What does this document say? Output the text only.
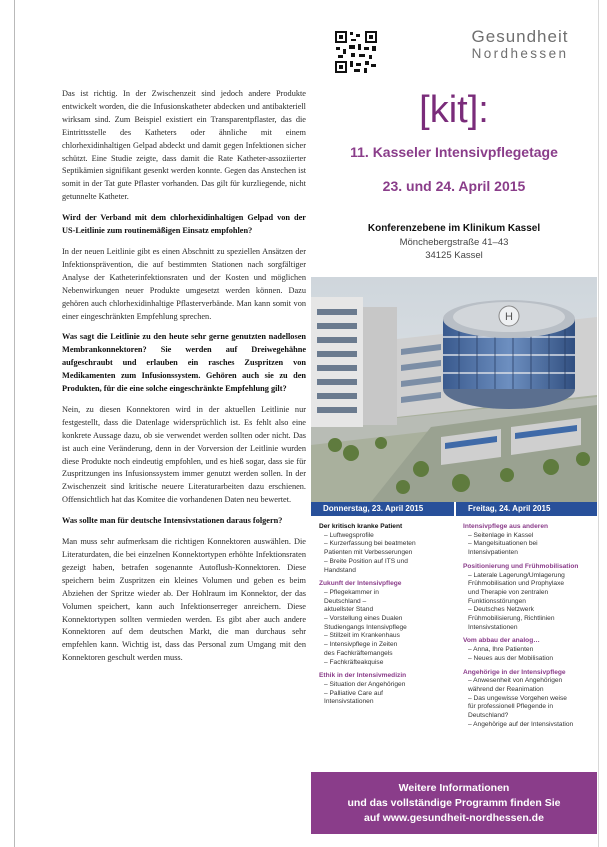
Das ist richtig. In der Zwischenzeit sind jedoch andere Produkte entwickelt worden, die die Infusionskatheter abdecken und antibakteriell wirksam sind. Zum Beispiel existiert ein Transparentpflaster, das die Eintrittsstelle des Katheters oder ähnliche mit einem chlorhexidinhaltigen Gelpad abdeckt und damit gegen Infektionen sicher schützt. Eine Studie zeigte, dass damit die Rate Katheter-assoziierter Septikämien signifikant gesenkt werden konnte. Gegen das Anstechen ist somit in der Tat gute Pflaster vorhanden. Das gilt für kurzliegende, nicht getunnelte Katheter.

Wird der Verband mit dem chlorhexidinhaltigen Gelpad von der US-Leitlinie zum routinemäßigen Einsatz empfohlen?

In der neuen Leitlinie gibt es einen Abschnitt zu speziellen Ansätzen der Infektionsprävention, die auf bestimmten Stationen nach sorgfältiger Analyse der Katheterinfektionsraten und der Kosten und möglichen Nebenwirkungen neuer Produkte umgesetzt werden können. Dazu gehören auch chlorhexidinhaltige Pflasterverbände. Man kann somit von einer eingeschränkten Empfehlung sprechen.

Was sagt die Leitlinie zu den heute sehr gerne genutzten nadellosen Membrankonnektoren? Sie werden auf Dreiwegehähne aufgeschraubt und erlauben ein rasches Zuspritzen von Medikamenten zum Infusionssystem. Gehören auch sie zu den Produkten, für die eine solche eingeschränkte Empfehlung gilt?

Nein, zu diesen Konnektoren wird in der aktuellen Leitlinie nur festgestellt, dass die Datenlage widersprüchlich ist. Es fehlt also eine konkrete Aussage dazu, ob sie verwendet werden sollten oder nicht. Das ist auch eine Veränderung, denn in der Vorversion der Leitlinie wurden diese Produkte noch eindeutig empfohlen, und es hieß sogar, dass sie für Zuspritzungen ins Infusionssystem immer genutzt werden sollen. In der Zwischenzeit sind kritische neuere Literaturarbeiten dazu erschienen. Offensichtlich hat das Komitee die vorhandenen Daten neu bewertet.

Was sollte man für deutsche Intensivstationen daraus folgern?

Man muss sehr aufmerksam die richtigen Konnektoren auswählen. Die Literaturdaten, die bei einzelnen Konnektortypen erhöhte Infektionsraten gezeigt haben, betrafen sogenannte Autoflush-Konnektoren. Diese speichern beim Zuspritzen ein kleines Volumen und geben es beim Abziehen der Spritze wieder ab. Der Hohlraum im Konnektor, der das Volumen speichert, kann auch Infektionserreger anreichern. Diese Konnektortypen sollten vermieden werden. Es gibt aber auch andere Konnektoren auf dem deutschen Markt, die man durchaus sehr empfehlen kann. Wichtig ist, dass das Personal zum Umgang mit den Konnektoren geschult werden muss.

Gesundheit
Nordhessen
[kit]:
11. Kasseler Intensivpflegetage
23. und 24. April 2015
Konferenzebene im Klinikum Kassel
Mönchebergstraße 41–43
34125 Kassel
H
Donnerstag, 23. April 2015	Freitag, 24. April 2015
Der kritisch kranke Patient
– Luftwegsprofile
– Kurzerfassung bei beatmeten
Patienten mit Verbesserungen
– Breite Position auf ITS und
Handstand
Zukunft der Intensivpflege
– Pflegekammer in
Deutschland –
aktuellster Stand
– Vorstellung eines Dualen
Studiengangs Intensivpflege
– Stillzeit im Krankenhaus
– Intensivpflege in Zeiten
des Fachkräftemangels
– Fachkräfteakquise
Ethik in der Intensivmedizin
– Situation der Angehörigen
– Palliative Care auf
Intensivstationen
Intensivpflege aus anderen
– Seitenlage in Kassel
– Mangelsituationen bei
Intensivpatienten
Positionierung und Frühmobilisation
– Laterale Lagerung/Umlagerung
Frühmobilisation und Prophylaxe
und Therapie von zentralen
Funktionsstörungen
– Deutsches Netzwerk
Frühmobilisierung, Richtlinien
Intensivstationen
Vom abbau der analog…
– Anna, Ihre Patienten
– Neues aus der Mobilisation
Angehörige in der Intensivpflege
– Anwesenheit von Angehörigen
während der Reanimation
– Das ungewisse Vorgehen weise
für professionell Pflegende in
Deutschland?
– Angehörige auf der Intensivstation
Weitere Informationen
und das vollständige Programm finden Sie
auf www.gesundheit-nordhessen.de
